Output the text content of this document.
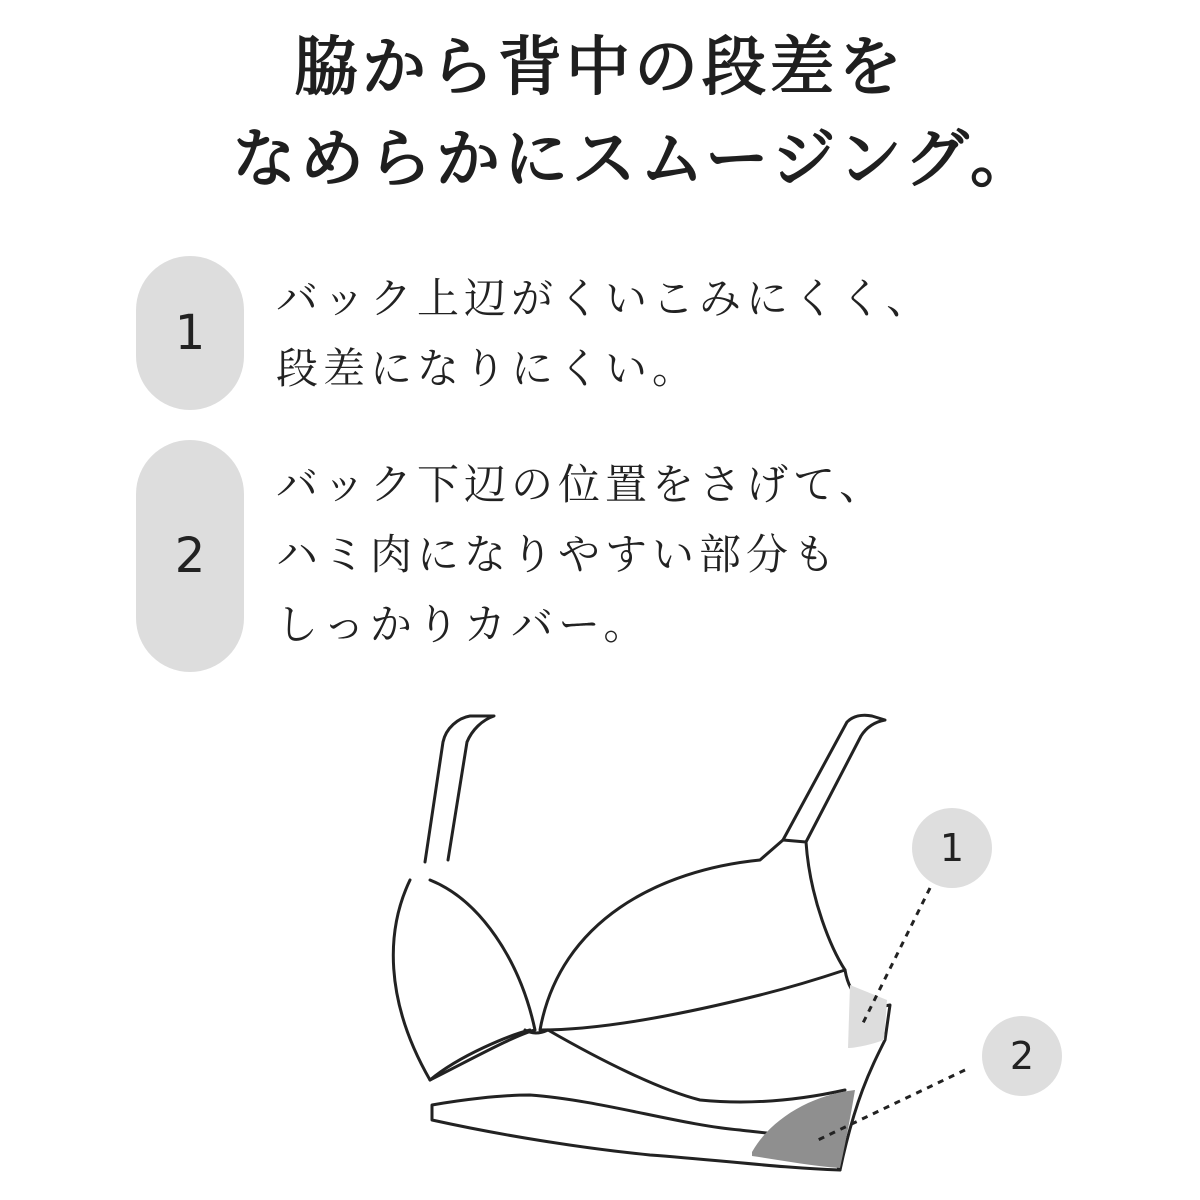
脇から背中の段差を
なめらかにスムージング。
1
バック上辺がくいこみにくく、
段差になりにくい。
2
バック下辺の位置をさげて、
ハミ肉になりやすい部分も
しっかりカバー。
1
2
